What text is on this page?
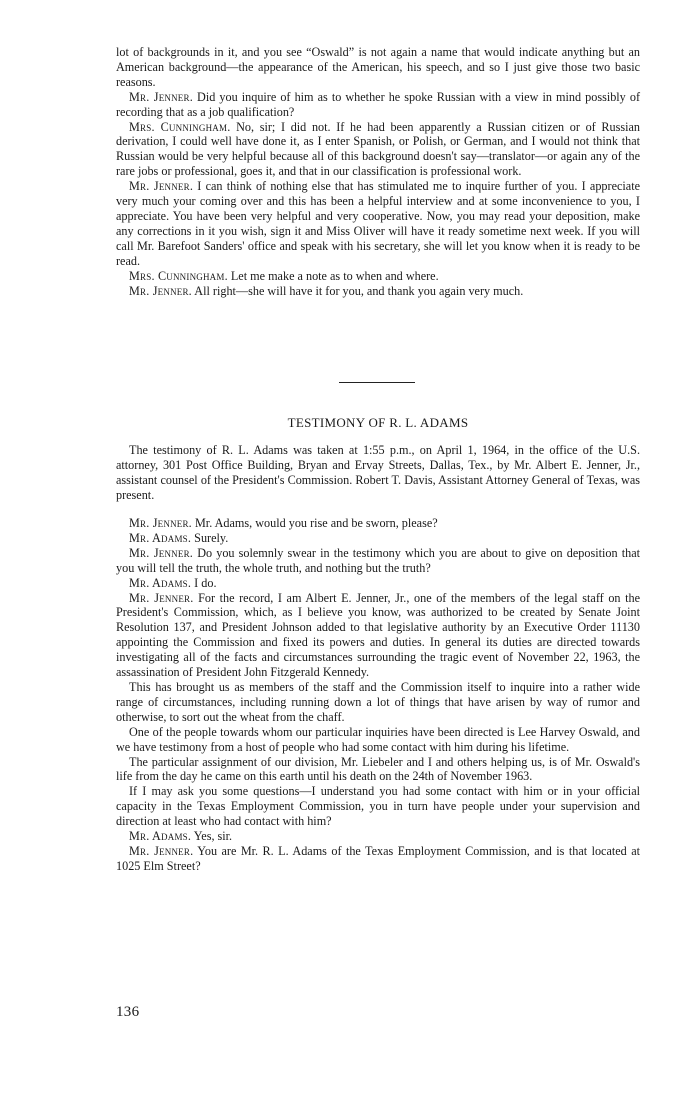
lot of backgrounds in it, and you see “Oswald” is not again a name that would indicate anything but an American background—the appearance of the American, his speech, and so I just give those two basic reasons.

Mr. Jenner. Did you inquire of him as to whether he spoke Russian with a view in mind possibly of recording that as a job qualification?

Mrs. Cunningham. No, sir; I did not. If he had been apparently a Russian citizen or of Russian derivation, I could well have done it, as I enter Spanish, or Polish, or German, and I would not think that Russian would be very helpful because all of this background doesn't say—translator—or again any of the rare jobs or professional, goes it, and that in our classification is professional work.

Mr. Jenner. I can think of nothing else that has stimulated me to inquire further of you. I appreciate very much your coming over and this has been a helpful interview and at some inconvenience to you, I appreciate. You have been very helpful and very cooperative. Now, you may read your deposition, make any corrections in it you wish, sign it and Miss Oliver will have it ready sometime next week. If you will call Mr. Barefoot Sanders' office and speak with his secretary, she will let you know when it is ready to be read.

Mrs. Cunningham. Let me make a note as to when and where.

Mr. Jenner. All right—she will have it for you, and thank you again very much.

TESTIMONY OF R. L. ADAMS

The testimony of R. L. Adams was taken at 1:55 p.m., on April 1, 1964, in the office of the U.S. attorney, 301 Post Office Building, Bryan and Ervay Streets, Dallas, Tex., by Mr. Albert E. Jenner, Jr., assistant counsel of the President's Commission. Robert T. Davis, Assistant Attorney General of Texas, was present.

Mr. Jenner. Mr. Adams, would you rise and be sworn, please?

Mr. Adams. Surely.

Mr. Jenner. Do you solemnly swear in the testimony which you are about to give on deposition that you will tell the truth, the whole truth, and nothing but the truth?

Mr. Adams. I do.

Mr. Jenner. For the record, I am Albert E. Jenner, Jr., one of the members of the legal staff on the President's Commission, which, as I believe you know, was authorized to be created by Senate Joint Resolution 137, and President Johnson added to that legislative authority by an Executive Order 11130 appointing the Commission and fixed its powers and duties. In general its duties are directed towards investigating all of the facts and circumstances surrounding the tragic event of November 22, 1963, the assassination of President John Fitzgerald Kennedy.

This has brought us as members of the staff and the Commission itself to inquire into a rather wide range of circumstances, including running down a lot of things that have arisen by way of rumor and otherwise, to sort out the wheat from the chaff.

One of the people towards whom our particular inquiries have been directed is Lee Harvey Oswald, and we have testimony from a host of people who had some contact with him during his lifetime.

The particular assignment of our division, Mr. Liebeler and I and others helping us, is of Mr. Oswald's life from the day he came on this earth until his death on the 24th of November 1963.

If I may ask you some questions—I understand you had some contact with him or in your official capacity in the Texas Employment Commission, you in turn have people under your supervision and direction at least who had contact with him?

Mr. Adams. Yes, sir.

Mr. Jenner. You are Mr. R. L. Adams of the Texas Employment Commission, and is that located at 1025 Elm Street?

136
